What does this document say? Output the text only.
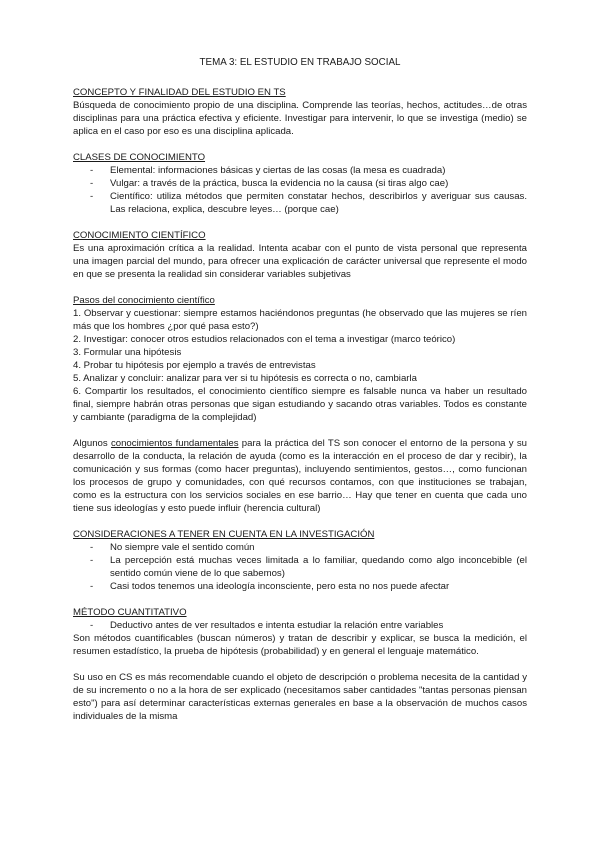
TEMA 3: EL ESTUDIO EN TRABAJO SOCIAL
CONCEPTO Y FINALIDAD DEL ESTUDIO EN TS

Búsqueda de conocimiento propio de una disciplina. Comprende las teorías, hechos, actitudes…de otras disciplinas para una práctica efectiva y eficiente. Investigar para intervenir, lo que se investiga (medio) se aplica en el caso por eso es una disciplina aplicada.

CLASES DE CONOCIMIENTO
- Elemental: informaciones básicas y ciertas de las cosas (la mesa es cuadrada)
- Vulgar: a través de la práctica, busca la evidencia no la causa (si tiras algo cae)
- Científico: utiliza métodos que permiten constatar hechos, describirlos y averiguar sus causas. Las relaciona, explica, descubre leyes… (porque cae)
CONOCIMIENTO CIENTÍFICO

Es una aproximación crítica a la realidad. Intenta acabar con el punto de vista personal que representa una imagen parcial del mundo, para ofrecer una explicación de carácter universal que represente el modo en que se presenta la realidad sin considerar variables subjetivas

Pasos del conocimiento científico
1. Observar y cuestionar: siempre estamos haciéndonos preguntas (he observado que las mujeres se ríen más que los hombres ¿por qué pasa esto?)
2. Investigar: conocer otros estudios relacionados con el tema a investigar (marco teórico)
3. Formular una hipótesis
4. Probar tu hipótesis por ejemplo a través de entrevistas
5. Analizar y concluir: analizar para ver si tu hipótesis es correcta o no, cambiarla
6. Compartir los resultados, el conocimiento científico siempre es falsable nunca va haber un resultado final, siempre habrán otras personas que sigan estudiando y sacando otras variables. Todos es constante y cambiante (paradigma de la complejidad)

Algunos conocimientos fundamentales para la práctica del TS son conocer el entorno de la persona y su desarrollo de la conducta, la relación de ayuda (como es la interacción en el proceso de dar y recibir), la comunicación y sus formas (como hacer preguntas), incluyendo sentimientos, gestos…, como funcionan los procesos de grupo y comunidades, con qué recursos contamos, con que instituciones se trabajan, como es la estructura con los servicios sociales en ese barrio… Hay que tener en cuenta que cada uno tiene sus ideologías y esto puede influir (herencia cultural)

CONSIDERACIONES A TENER EN CUENTA EN LA INVESTIGACIÓN
- No siempre vale el sentido común
- La percepción está muchas veces limitada a lo familiar, quedando como algo inconcebible (el sentido común viene de lo que sabemos)
- Casi todos tenemos una ideología inconsciente, pero esta no nos puede afectar
MÉTODO CUANTITATIVO
- Deductivo antes de ver resultados e intenta estudiar la relación entre variables

Son métodos cuantificables (buscan números) y tratan de describir y explicar, se busca la medición, el resumen estadístico, la prueba de hipótesis (probabilidad) y en general el lenguaje matemático.

Su uso en CS es más recomendable cuando el objeto de descripción o problema necesita de la cantidad y de su incremento o no a la hora de ser explicado (necesitamos saber cantidades "tantas personas piensan esto") para así determinar características externas generales en base a la observación de muchos casos individuales de la misma
